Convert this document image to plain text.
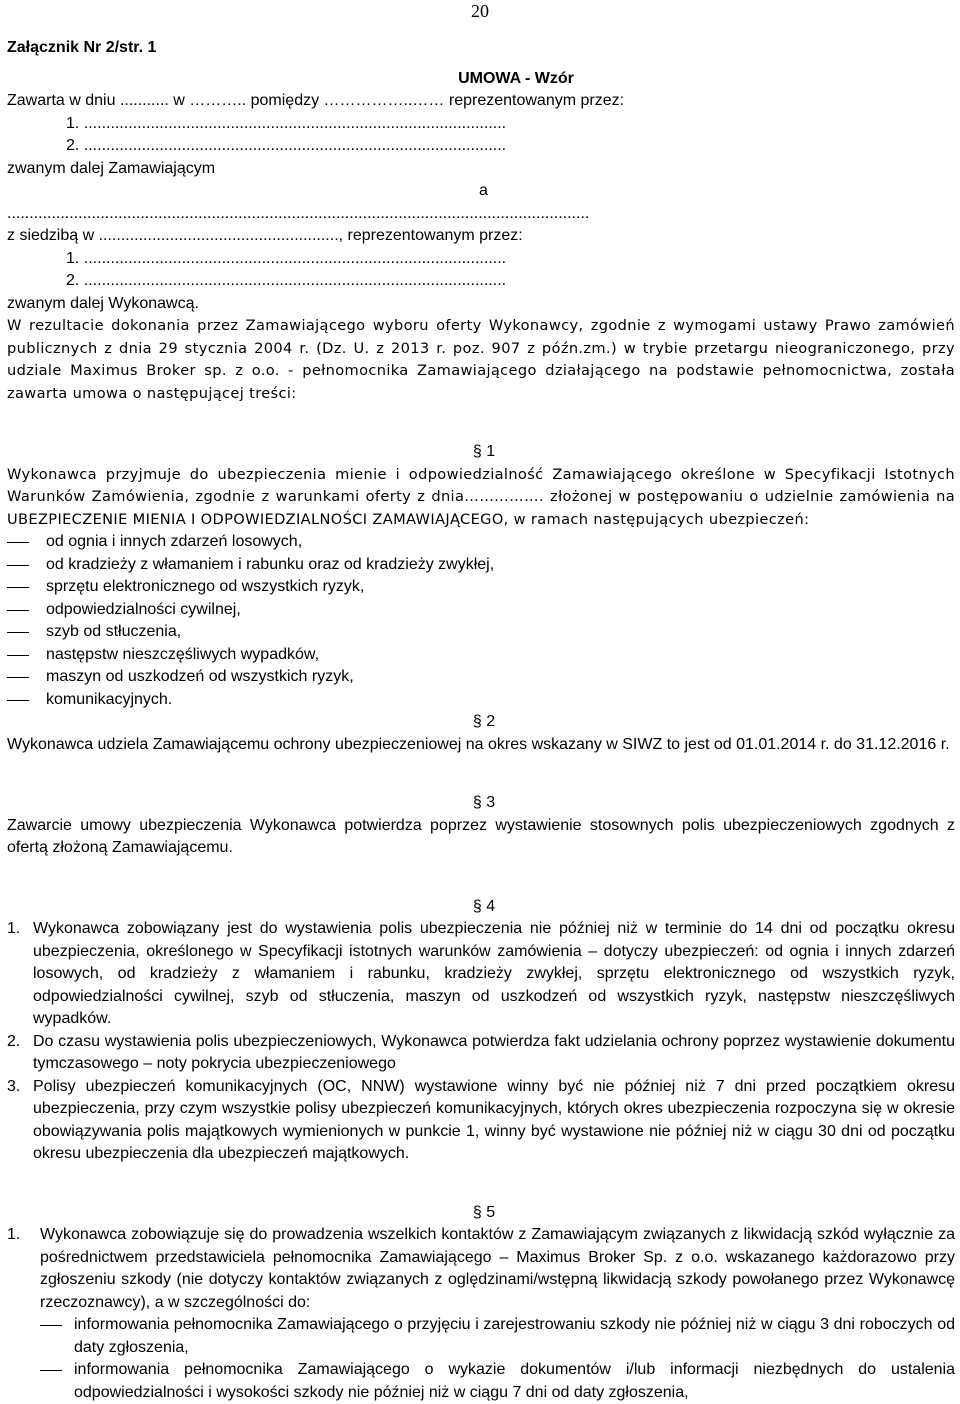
20
Załącznik Nr 2/str. 1
UMOWA - Wzór
Zawarta w dniu ........... w ……….. pomiędzy ……………..…… reprezentowanym przez:
1. ...............................................................................................
2. ...............................................................................................
zwanym dalej Zamawiającym
a
...................................................................................................................................
z siedzibą w ......................................................, reprezentowanym przez:
1. ...............................................................................................
2. ...............................................................................................
zwanym dalej Wykonawcą.
W rezultacie dokonania przez Zamawiającego wyboru oferty Wykonawcy, zgodnie z wymogami ustawy Prawo zamówień publicznych z dnia 29 stycznia 2004 r. (Dz. U. z 2013 r. poz. 907 z późn.zm.) w trybie przetargu nieograniczonego, przy udziale Maximus Broker sp. z o.o. - pełnomocnika Zamawiającego działającego na podstawie pełnomocnictwa, została zawarta umowa o następującej treści:
§ 1
Wykonawca przyjmuje do ubezpieczenia mienie i odpowiedzialność Zamawiającego określone w Specyfikacji Istotnych Warunków Zamówienia, zgodnie z warunkami oferty z dnia……………. złożonej w postępowaniu o udzielnie zamówienia na UBEZPIECZENIE MIENIA I ODPOWIEDZIALNOŚCI ZAMAWIAJĄCEGO, w ramach następujących ubezpieczeń:
od ognia i innych zdarzeń losowych,
od kradzieży z włamaniem i rabunku oraz od kradzieży zwykłej,
sprzętu elektronicznego od wszystkich ryzyk,
odpowiedzialności cywilnej,
szyb od stłuczenia,
następstw nieszczęśliwych wypadków,
maszyn od uszkodzeń od wszystkich ryzyk,
komunikacyjnych.
§ 2
Wykonawca udziela Zamawiającemu ochrony ubezpieczeniowej na okres wskazany w SIWZ to jest od 01.01.2014 r. do 31.12.2016 r.
§ 3
Zawarcie umowy ubezpieczenia Wykonawca potwierdza poprzez wystawienie stosownych polis ubezpieczeniowych zgodnych z ofertą złożoną Zamawiającemu.
§ 4
1. Wykonawca zobowiązany jest do wystawienia polis ubezpieczenia nie później niż w terminie do 14 dni od początku okresu ubezpieczenia, określonego w Specyfikacji istotnych warunków zamówienia – dotyczy ubezpieczeń: od ognia i innych zdarzeń losowych, od kradzieży z włamaniem i rabunku, kradzieży zwykłej, sprzętu elektronicznego od wszystkich ryzyk, odpowiedzialności cywilnej, szyb od stłuczenia, maszyn od uszkodzeń od wszystkich ryzyk, następstw nieszczęśliwych wypadków.
2. Do czasu wystawienia polis ubezpieczeniowych, Wykonawca potwierdza fakt udzielania ochrony poprzez wystawienie dokumentu tymczasowego – noty pokrycia ubezpieczeniowego
3. Polisy ubezpieczeń komunikacyjnych (OC, NNW) wystawione winny być nie później niż 7 dni przed początkiem okresu ubezpieczenia, przy czym wszystkie polisy ubezpieczeń komunikacyjnych, których okres ubezpieczenia rozpoczyna się w okresie obowiązywania polis majątkowych wymienionych w punkcie 1, winny być wystawione nie później niż w ciągu 30 dni od początku okresu ubezpieczenia dla ubezpieczeń majątkowych.
§ 5
1. Wykonawca zobowiązuje się do prowadzenia wszelkich kontaktów z Zamawiającym związanych z likwidacją szkód wyłącznie za pośrednictwem przedstawiciela pełnomocnika Zamawiającego – Maximus Broker Sp. z o.o. wskazanego każdorazowo przy zgłoszeniu szkody (nie dotyczy kontaktów związanych z oględzinami/wstępną likwidacją szkody powołanego przez Wykonawcę rzeczoznawcy), a w szczególności do:
informowania pełnomocnika Zamawiającego o przyjęciu i zarejestrowaniu szkody nie później niż w ciągu 3 dni roboczych od daty zgłoszenia,
informowania pełnomocnika Zamawiającego o wykazie dokumentów i/lub informacji niezbędnych do ustalenia odpowiedzialności i wysokości szkody nie później niż w ciągu 7 dni od daty zgłoszenia,
